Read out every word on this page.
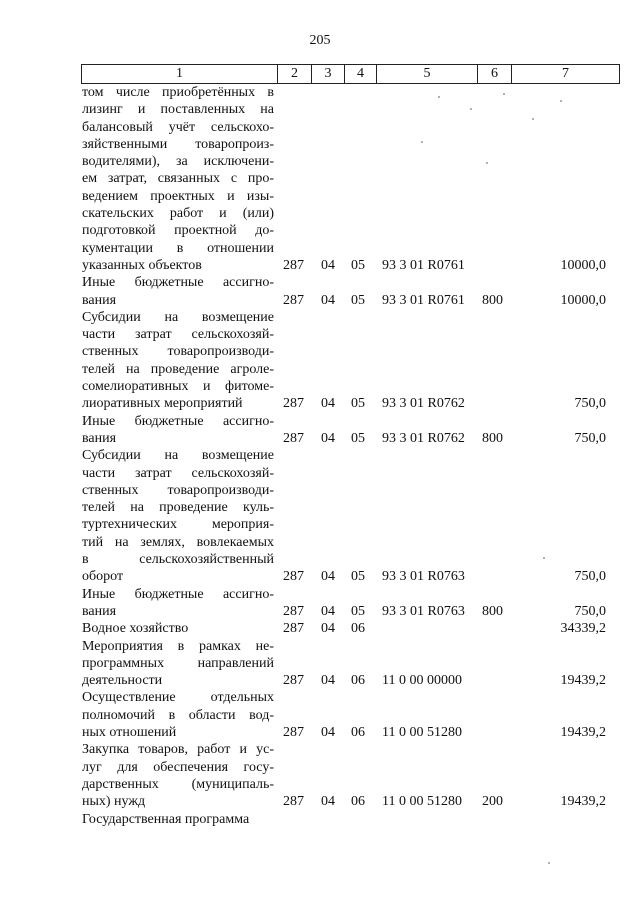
205
1	2	3	4	5	6	7
том числе приобретённых в
лизинг и поставленных на
балансовый учёт сельскохо-
зяйственными товаропроиз-
водителями), за исключени-
ем затрат, связанных с про-
ведением проектных и изы-
скательских работ и (или)
подготовкой проектной до-
кументации в отношении
указанных объектов	287 04 05 93 3 01 R0761	10000,0
Иные бюджетные ассигно-
вания	287 04 05 93 3 01 R0761 800	10000,0
Субсидии на возмещение
части затрат сельскохозяй-
ственных товаропроизводи-
телей на проведение агроле-
сомелиоративных и фитоме-
лиоративных мероприятий	287 04 05 93 3 01 R0762	750,0
Иные бюджетные ассигно-
вания	287 04 05 93 3 01 R0762 800	750,0
Субсидии на возмещение
части затрат сельскохозяй-
ственных товаропроизводи-
телей на проведение куль-
туртехнических мероприя-
тий на землях, вовлекаемых
в сельскохозяйственный
оборот	287 04 05 93 3 01 R0763	750,0
Иные бюджетные ассигно-
вания	287 04 05 93 3 01 R0763 800	750,0
Водное хозяйство	287 04 06	34339,2
Мероприятия в рамках не-
программных направлений
деятельности	287 04 06 11 0 00 00000	19439,2
Осуществление отдельных
полномочий в области вод-
ных отношений	287 04 06 11 0 00 51280	19439,2
Закупка товаров, работ и ус-
луг для обеспечения госу-
дарственных (муниципаль-
ных) нужд	287 04 06 11 0 00 51280 200	19439,2
Государственная программа
